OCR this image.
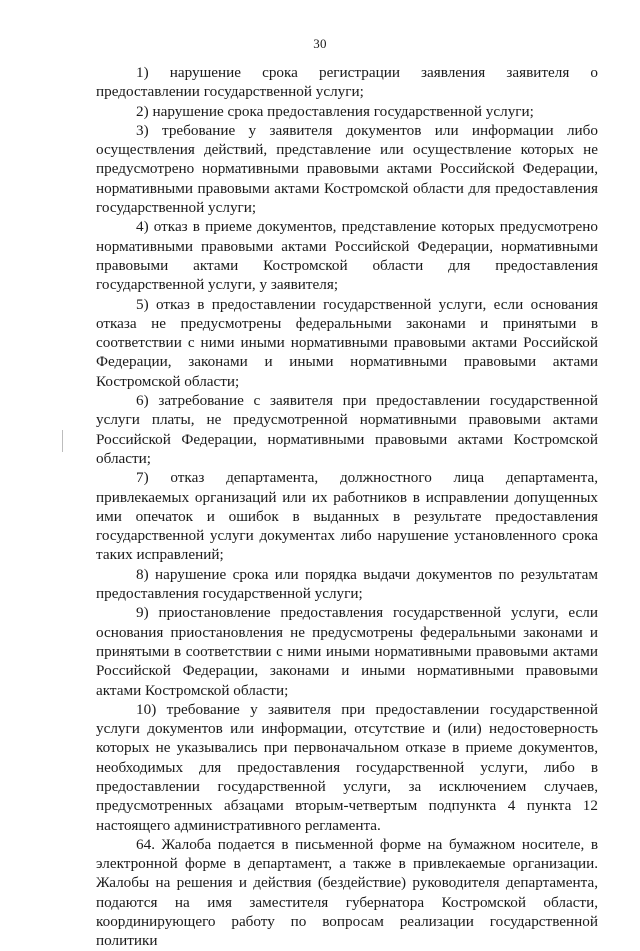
30

1) нарушение срока регистрации заявления заявителя о предоставлении государственной услуги;

2) нарушение срока предоставления государственной услуги;

3) требование у заявителя документов или информации либо осуществления действий, представление или осуществление которых не предусмотрено нормативными правовыми актами Российской Федерации, нормативными правовыми актами Костромской области для предоставления государственной услуги;

4) отказ в приеме документов, представление которых предусмотрено нормативными правовыми актами Российской Федерации, нормативными правовыми актами Костромской области для предоставления государственной услуги, у заявителя;

5) отказ в предоставлении государственной услуги, если основания отказа не предусмотрены федеральными законами и принятыми в соответствии с ними иными нормативными правовыми актами Российской Федерации, законами и иными нормативными правовыми актами Костромской области;

6) затребование с заявителя при предоставлении государственной услуги платы, не предусмотренной нормативными правовыми актами Российской Федерации, нормативными правовыми актами Костромской области;

7) отказ департамента, должностного лица департамента, привлекаемых организаций или их работников в исправлении допущенных ими опечаток и ошибок в выданных в результате предоставления государственной услуги документах либо нарушение установленного срока таких исправлений;

8) нарушение срока или порядка выдачи документов по результатам предоставления государственной услуги;

9) приостановление предоставления государственной услуги, если основания приостановления не предусмотрены федеральными законами и принятыми в соответствии с ними иными нормативными правовыми актами Российской Федерации, законами и иными нормативными правовыми актами Костромской области;

10) требование у заявителя при предоставлении государственной услуги документов или информации, отсутствие и (или) недостоверность которых не указывались при первоначальном отказе в приеме документов, необходимых для предоставления государственной услуги, либо в предоставлении государственной услуги, за исключением случаев, предусмотренных абзацами вторым-четвертым подпункта 4 пункта 12 настоящего административного регламента.

64. Жалоба подается в письменной форме на бумажном носителе, в электронной форме в департамент, а также в привлекаемые организации. Жалобы на решения и действия (бездействие) руководителя департамента, подаются на имя заместителя губернатора Костромской области, координирующего работу по вопросам реализации государственной политики
